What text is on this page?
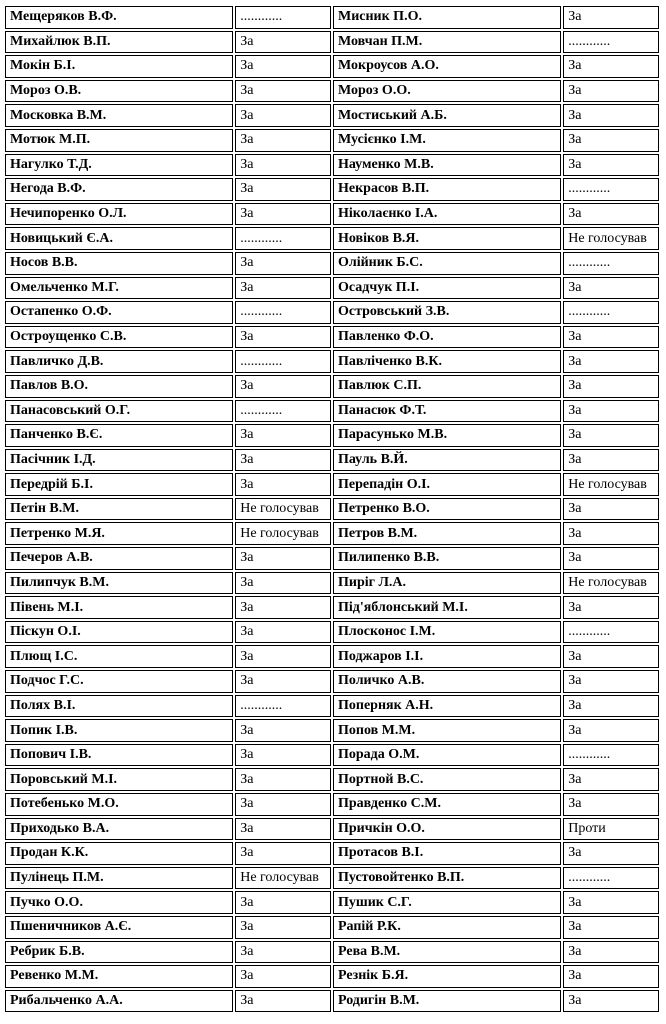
Мещеряков В.Ф.	............	Мисник П.О.	За
Михайлюк В.П.	За	Мовчан П.М.	............
Мокін Б.І.	За	Мокроусов А.О.	За
Мороз О.В.	За	Мороз О.О.	За
Московка В.М.	За	Мостиський А.Б.	За
Мотюк М.П.	За	Мусієнко І.М.	За
Нагулко Т.Д.	За	Науменко М.В.	За
Негода В.Ф.	За	Некрасов В.П.	............
Нечипоренко О.Л.	За	Ніколаєнко І.А.	За
Новицький Є.А.	............	Новіков В.Я.	Не голосував
Носов В.В.	За	Олійник Б.С.	............
Омельченко М.Г.	За	Осадчук П.І.	За
Остапенко О.Ф.	............	Островський З.В.	............
Остроущенко С.В.	За	Павленко Ф.О.	За
Павличко Д.В.	............	Павліченко В.К.	За
Павлов В.О.	За	Павлюк С.П.	За
Панасовський О.Г.	............	Панасюк Ф.Т.	За
Панченко В.Є.	За	Парасунько М.В.	За
Пасічник І.Д.	За	Пауль В.Й.	За
Передрій Б.І.	За	Перепадін О.І.	Не голосував
Петін В.М.	Не голосував	Петренко В.О.	За
Петренко М.Я.	Не голосував	Петров В.М.	За
Печеров А.В.	За	Пилипенко В.В.	За
Пилипчук В.М.	За	Пиріг Л.А.	Не голосував
Півень М.І.	За	Під'яблонський М.І.	За
Піскун О.І.	За	Плосконос І.М.	............
Плющ І.С.	За	Поджаров І.І.	За
Подчос Г.С.	За	Поличко А.В.	За
Полях В.І.	............	Поперняк А.Н.	За
Попик І.В.	За	Попов М.М.	За
Попович І.В.	За	Порада О.М.	............
Поровський М.І.	За	Портной В.С.	За
Потебенько М.О.	За	Правденко С.М.	За
Приходько В.А.	За	Причкін О.О.	Проти
Продан К.К.	За	Протасов В.І.	За
Пулінець П.М.	Не голосував	Пустовойтенко В.П.	............
Пучко О.О.	За	Пушик С.Г.	За
Пшеничников А.Є.	За	Рапій Р.К.	За
Ребрик Б.В.	За	Рева В.М.	За
Ревенко М.М.	За	Резнік Б.Я.	За
Рибальченко А.А.	За	Родигін В.М.	За
